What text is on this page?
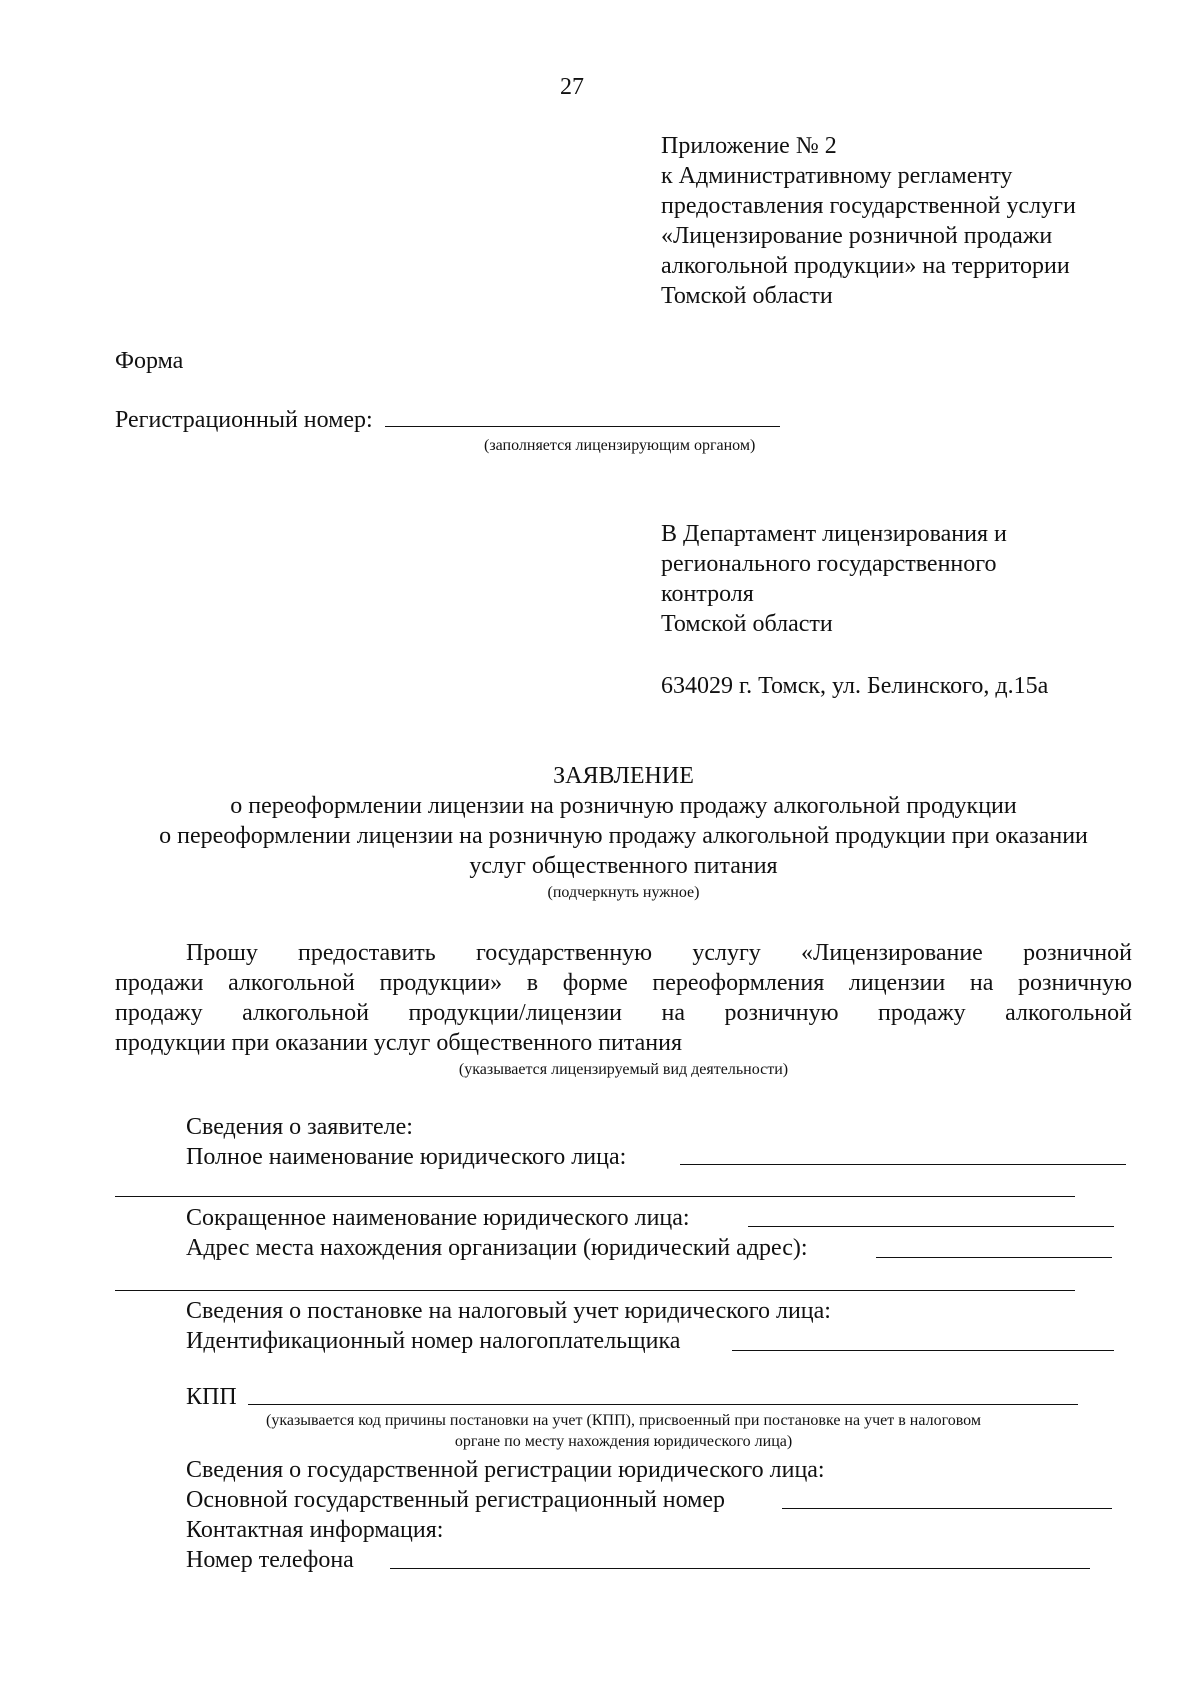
27
Приложение № 2
к Административному регламенту
предоставления государственной услуги
«Лицензирование розничной продажи
алкогольной продукции» на территории
Томской области
Форма
Регистрационный номер:
(заполняется лицензирующим органом)
В Департамент лицензирования и
регионального государственного
контроля
Томской области
634029 г. Томск, ул. Белинского, д.15а
ЗАЯВЛЕНИЕ
о переоформлении лицензии на розничную продажу алкогольной продукции
о переоформлении лицензии на розничную продажу алкогольной продукции при оказании
услуг общественного питания
(подчеркнуть нужное)
Прошу предоставить государственную услугу «Лицензирование розничной
продажи алкогольной продукции» в форме переоформления лицензии на розничную
продажу алкогольной продукции/лицензии на розничную продажу алкогольной
продукции при оказании услуг общественного питания
(указывается лицензируемый вид деятельности)
Сведения о заявителе:
Полное наименование юридического лица:
Сокращенное наименование юридического лица:
Адрес места нахождения организации (юридический адрес):
Сведения о постановке на налоговый учет юридического лица:
Идентификационный номер налогоплательщика
КПП
(указывается код причины постановки на учет (КПП), присвоенный при постановке на учет в налоговом
органе по месту нахождения юридического лица)
Сведения о государственной регистрации юридического лица:
Основной государственный регистрационный номер
Контактная информация:
Номер телефона
